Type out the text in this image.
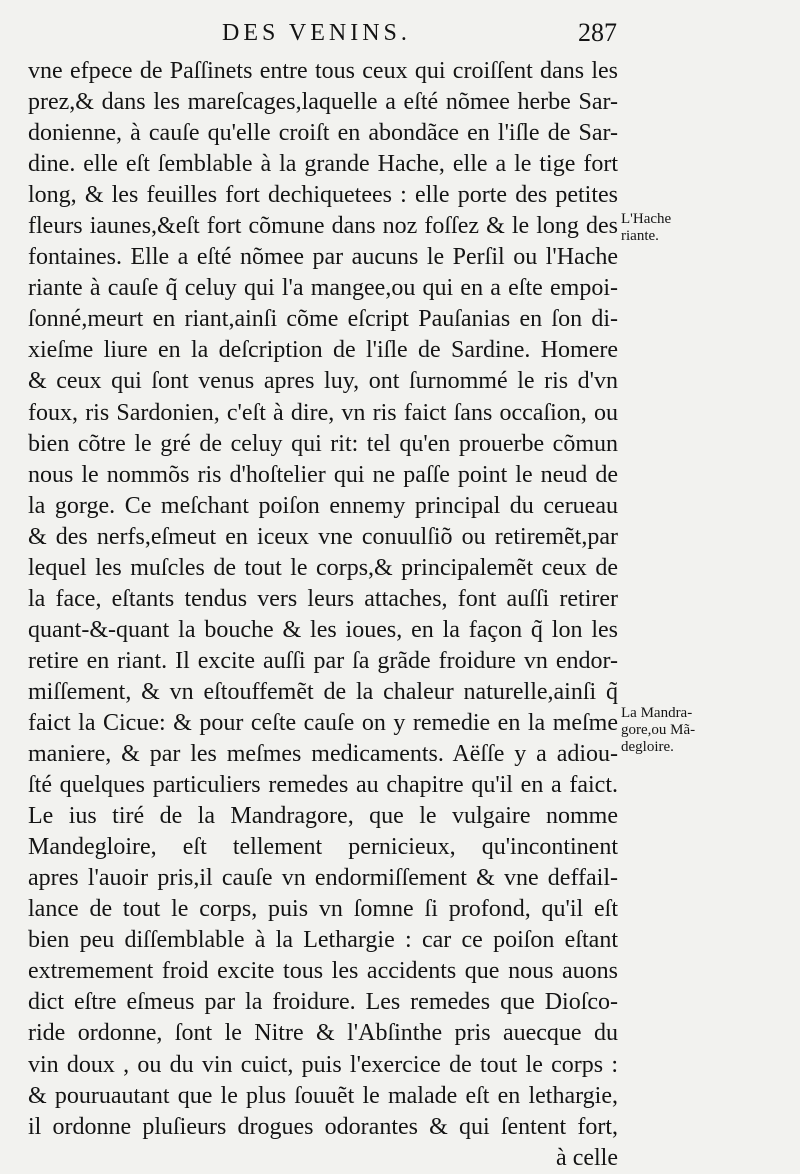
DES VENINS.	287
vne efpece de Paſſinets entre tous ceux qui croiſſent dans les
prez,& dans les mareſcages,laquelle a eſté nõmee herbe Sar-
donienne, à cauſe qu'elle croiſt en abondãce en l'iſle de Sar-
dine. elle eſt ſemblable à la grande Hache, elle a le tige fort
long, & les feuilles fort dechiquetees : elle porte des petites
fleurs iaunes,&eſt fort cõmune dans noz foſſez & le long des
fontaines. Elle a eſté nõmee par aucuns le Perſil ou l'Hache
riante à cauſe q̃ celuy qui l'a mangee,ou qui en a eſte empoi-
ſonné,meurt en riant,ainſi cõme eſcript Pauſanias en ſon di-
xieſme liure en la deſcription de l'iſle de Sardine. Homere
& ceux qui ſont venus apres luy, ont ſurnommé le ris d'vn
foux, ris Sardonien, c'eſt à dire, vn ris faict ſans occaſion, ou
bien cõtre le gré de celuy qui rit: tel qu'en prouerbe cõmun
nous le nommõs ris d'hoſtelier qui ne paſſe point le neud de
la gorge. Ce meſchant poiſon ennemy principal du cerueau
& des nerfs,eſmeut en iceux vne conuulſiõ ou retiremẽt,par
lequel les muſcles de tout le corps,& principalemẽt ceux de
la face, eſtants tendus vers leurs attaches, font auſſi retirer
quant-&-quant la bouche & les ioues, en la façon q̃ lon les
retire en riant. Il excite auſſi par ſa grãde froidure vn endor-
miſſement, & vn eſtouffemẽt de la chaleur naturelle,ainſi q̃
faict la Cicue: & pour ceſte cauſe on y remedie en la meſme
maniere, & par les meſmes medicaments. Aëſſe y a adiou-
ſté quelques particuliers remedes au chapitre qu'il en a faict.
Le ius tiré de la Mandragore, que le vulgaire nomme
Mandegloire, eſt tellement pernicieux, qu'incontinent
apres l'auoir pris,il cauſe vn endormiſſement & vne deffail-
lance de tout le corps, puis vn ſomne ſi profond, qu'il eſt
bien peu diſſemblable à la Lethargie : car ce poiſon eſtant
extremement froid excite tous les accidents que nous auons
dict eſtre eſmeus par la froidure. Les remedes que Dioſco-
ride ordonne, ſont le Nitre & l'Abſinthe pris auecque du
vin doux , ou du vin cuict, puis l'exercice de tout le corps :
& pouruautant que le plus ſouuẽt le malade eſt en lethargie,
il ordonne pluſieurs drogues odorantes & qui ſentent fort,
à celle
L'Hache
riante.
La Mandra-
gore,ou Mã-
degloire.
